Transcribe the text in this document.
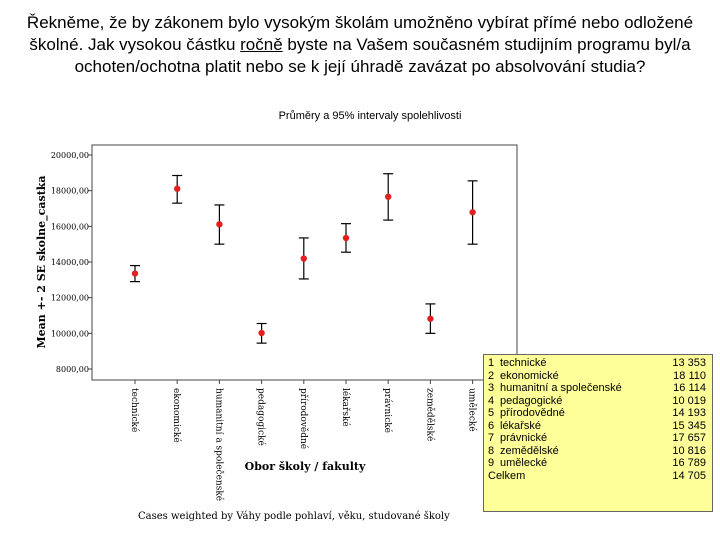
Řekněme, že by zákonem bylo vysokým školám umožněno vybírat přímé nebo odložené školné. Jak vysokou částku ročně byste na Vašem současném studijním programu byl/a ochoten/ochotna platit nebo se k její úhradě zavázat po absolvování studia?
Průměry a 95% intervaly spolehlivosti
20000,00
18000,00
16000,00
14000,00
12000,00
10000,00
8000,00
Mean +- 2 SE skolne_castka
technické	ekonomické	humanitní a společenské	pedagogické	přírodovědné	lékařské	právnické	zemědělské	umělecké
Obor školy / fakulty
1 technické	13 353
2 ekonomické	18 110
3 humanitní a společenské	16 114
4 pedagogické	10 019
5 přírodovědné	14 193
6 lékařské	15 345
7 právnické	17 657
8 zemědělské	10 816
9 umělecké	16 789
Celkem	14 705
Cases weighted by Váhy podle pohlaví, věku, studované školy
